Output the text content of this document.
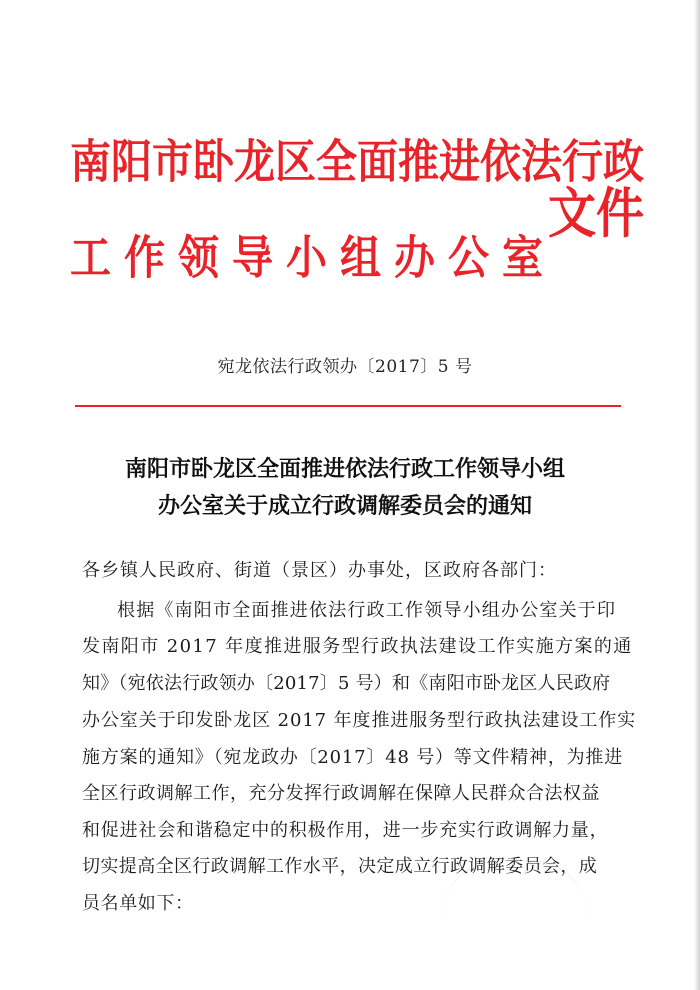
南阳市卧龙区全面推进依法行政
工作领导小组办公室
文件
宛龙依法行政领办〔2017〕5 号
南阳市卧龙区全面推进依法行政工作领导小组
办公室关于成立行政调解委员会的通知
各乡镇人民政府、街道（景区）办事处，区政府各部门：
根据《南阳市全面推进依法行政工作领导小组办公室关于印
发南阳市 2017 年度推进服务型行政执法建设工作实施方案的通
知》（宛依法行政领办〔2017〕5 号）和《南阳市卧龙区人民政府
办公室关于印发卧龙区 2017 年度推进服务型行政执法建设工作实
施方案的通知》（宛龙政办〔2017〕48 号）等文件精神，为推进
全区行政调解工作，充分发挥行政调解在保障人民群众合法权益
和促进社会和谐稳定中的积极作用，进一步充实行政调解力量，
切实提高全区行政调解工作水平，决定成立行政调解委员会，成
员名单如下：
